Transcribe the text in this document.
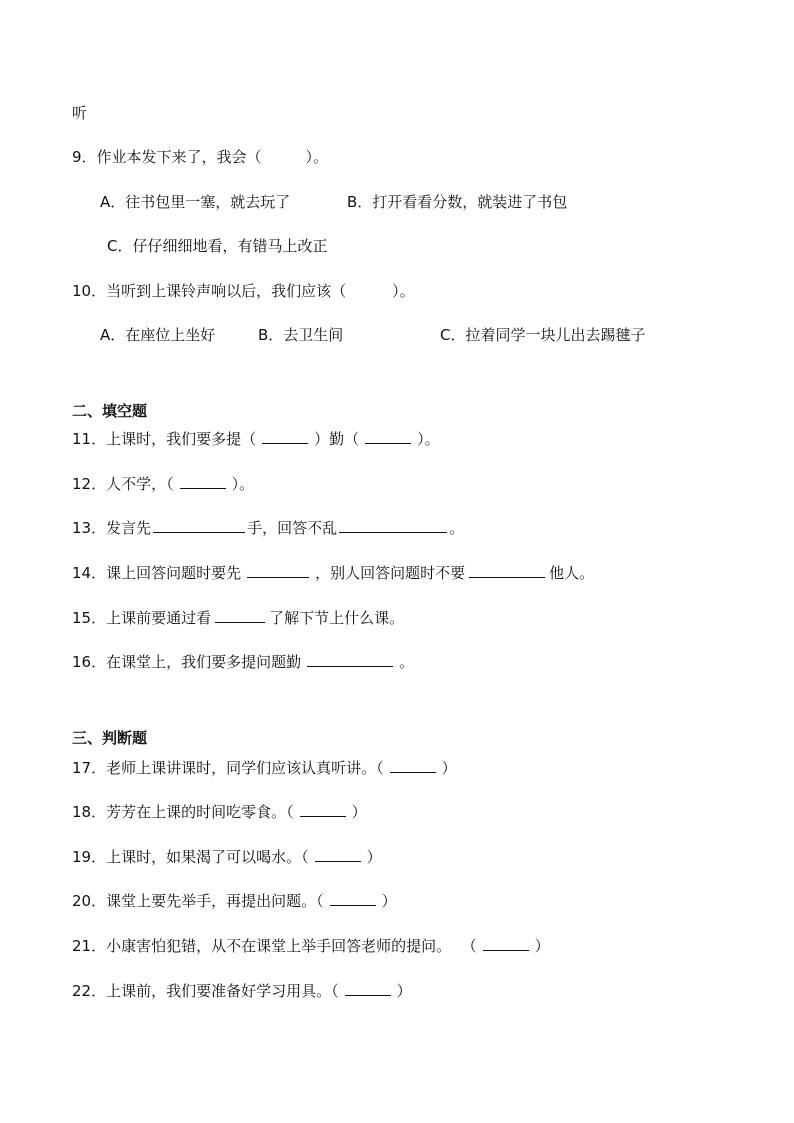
听
9．作业本发下来了，我会（	）。
A．往书包里一塞，就去玩了	B．打开看看分数，就装进了书包
C．仔仔细细地看，有错马上改正
10．当听到上课铃声响以后，我们应该（	）。
A．在座位上坐好	B．去卫生间	C．拉着同学一块儿出去踢毽子
二、填空题
11．上课时，我们要多提（	）勤（	）。
12．人不学，（	）。
13．发言先	手，回答不乱	。
14．课上回答问题时要先	，别人回答问题时不要	他人。
15．上课前要通过看	了解下节上什么课。
16．在课堂上，我们要多提问题勤	。
三、判断题
17．老师上课讲课时，同学们应该认真听讲。（	）
18．芳芳在上课的时间吃零食。（	）
19．上课时，如果渴了可以喝水。（	）
20．课堂上要先举手，再提出问题。（	）
21．小康害怕犯错，从不在课堂上举手回答老师的提问。 （	）
22．上课前，我们要准备好学习用具。（	）
